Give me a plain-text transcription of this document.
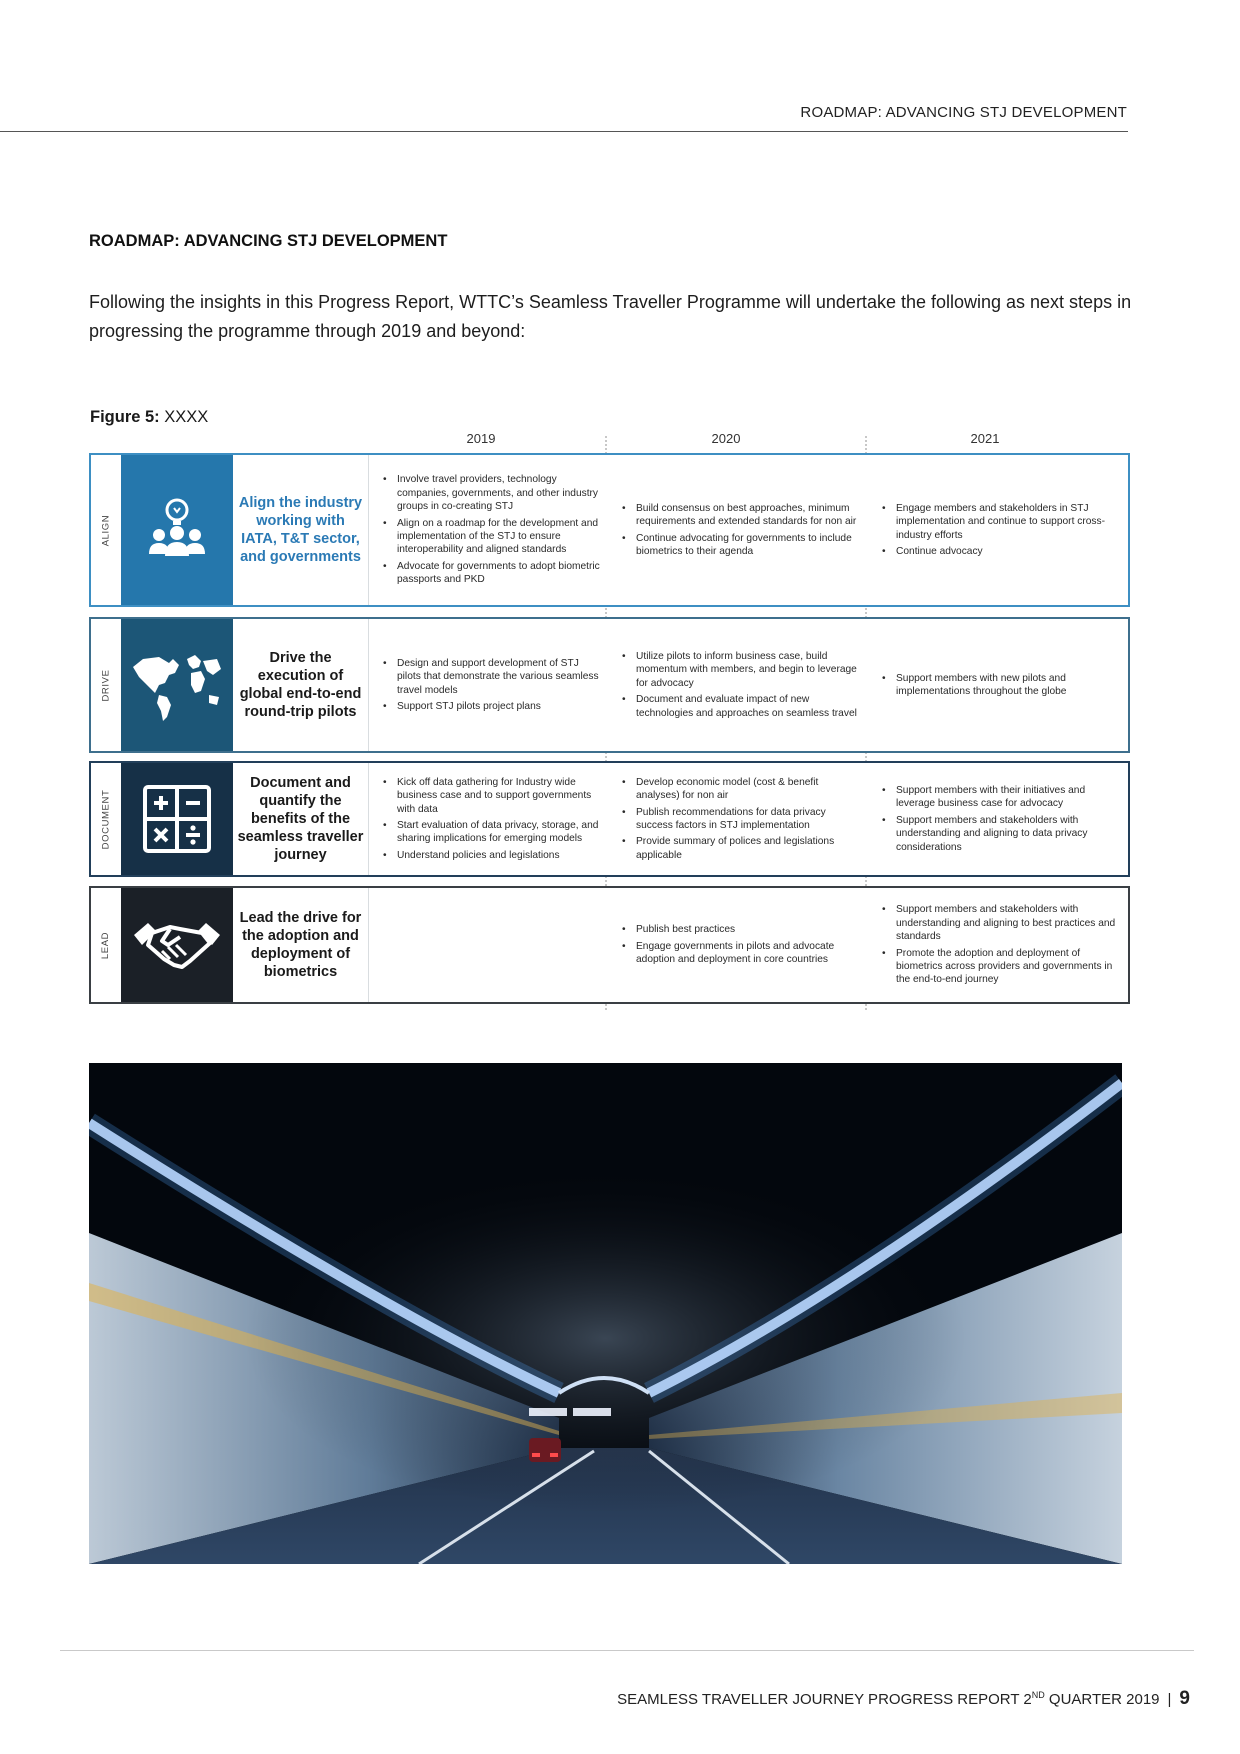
ROADMAP: ADVANCING STJ DEVELOPMENT
ROADMAP: ADVANCING STJ DEVELOPMENT

Following the insights in this Progress Report, WTTC’s Seamless Traveller Programme will undertake the following as next steps in progressing the programme through 2019 and beyond:

Figure 5: XXXX
2019	2020	2021
ALIGN
Align the industry working with IATA, T&T sector, and governments
• Involve travel providers, technology companies, governments, and other industry groups in co-creating STJ
• Align on a roadmap for the development and implementation of the STJ to ensure interoperability and aligned standards
• Advocate for governments to adopt biometric passports and PKD
• Build consensus on best approaches, minimum requirements and extended standards for non air
• Continue advocating for governments to include biometrics to their agenda
• Engage members and stakeholders in STJ implementation and continue to support cross-industry efforts
• Continue advocacy
DRIVE
Drive the execution of global end-to-end round-trip pilots
• Design and support development of STJ pilots that demonstrate the various seamless travel models
• Support STJ pilots project plans
• Utilize pilots to inform business case, build momentum with members, and begin to leverage for advocacy
• Document and evaluate impact of new technologies and approaches on seamless travel
• Support members with new pilots and implementations throughout the globe
DOCUMENT
Document and quantify the benefits of the seamless traveller journey
• Kick off data gathering for Industry wide business case and to support governments with data
• Start evaluation of data privacy, storage, and sharing implications for emerging models
• Understand policies and legislations
• Develop economic model (cost & benefit analyses) for non air
• Publish recommendations for data privacy success factors in STJ implementation
• Provide summary of polices and legislations applicable
• Support members with their initiatives and leverage business case for advocacy
• Support members and stakeholders with understanding and aligning to data privacy considerations
LEAD
Lead the drive for the adoption and deployment of biometrics
• Publish best practices
• Engage governments in pilots and advocate adoption and deployment in core countries
• Support members and stakeholders with understanding and aligning to best practices and standards
• Promote the adoption and deployment of biometrics across providers and governments in the end-to-end journey
SEAMLESS TRAVELLER JOURNEY PROGRESS REPORT 2ND QUARTER 2019 | 9
